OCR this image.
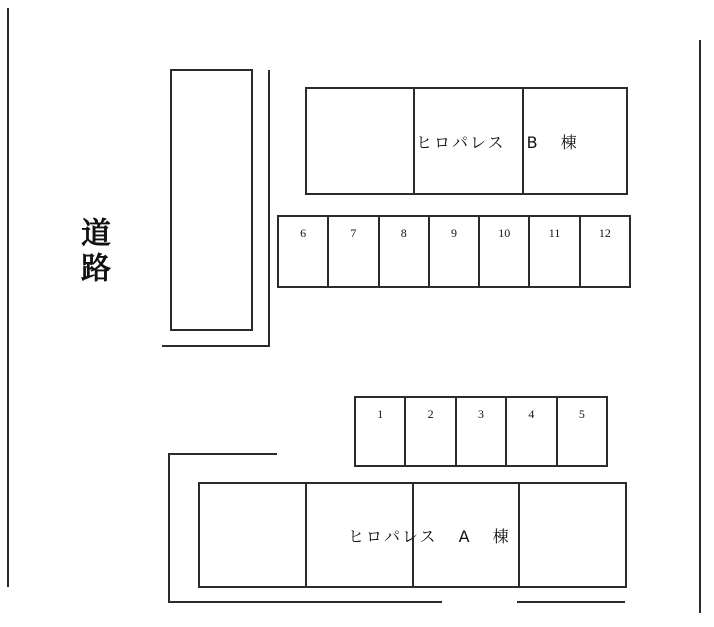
道路
ヒロパレス B 棟
6	7	8	9	10	11	12
1	2	3	4	5
ヒロパレス A 棟
